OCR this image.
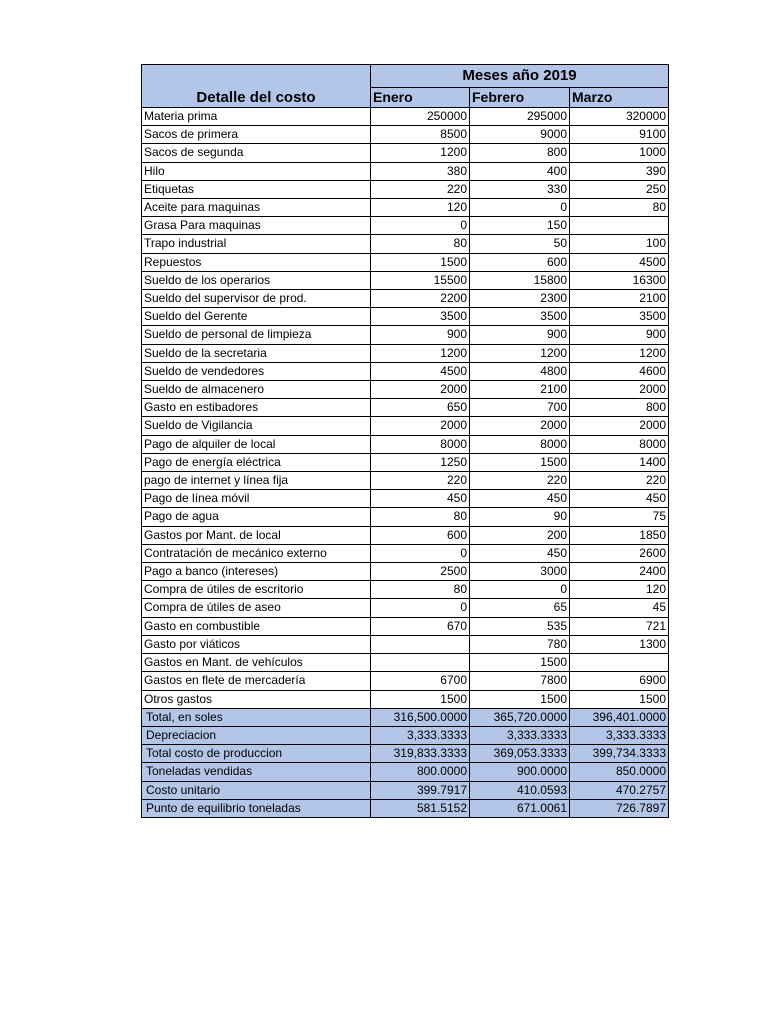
Detalle del costo	Meses año 2019		
	Enero	Febrero	Marzo
Materia prima	250000	295000	320000
Sacos de primera	8500	9000	9100
Sacos de segunda	1200	800	1000
Hilo	380	400	390
Etiquetas	220	330	250
Aceite para maquinas	120	0	80
Grasa Para maquinas	0	150	
Trapo industrial	80	50	100
Repuestos	1500	600	4500
Sueldo de los operarios	15500	15800	16300
Sueldo del supervisor de prod.	2200	2300	2100
Sueldo del Gerente	3500	3500	3500
Sueldo de personal de limpieza	900	900	900
Sueldo de la secretaria	1200	1200	1200
Sueldo de vendedores	4500	4800	4600
Sueldo de almacenero	2000	2100	2000
Gasto en estibadores	650	700	800
Sueldo de Vigilancia	2000	2000	2000
Pago de alquiler de local	8000	8000	8000
Pago de energía eléctrica	1250	1500	1400
pago de internet y línea fija	220	220	220
Pago de línea móvil	450	450	450
Pago de agua	80	90	75
Gastos por Mant. de local	600	200	1850
Contratación de mecánico externo	0	450	2600
Pago a banco (intereses)	2500	3000	2400
Compra de útiles de escritorio	80	0	120
Compra de útiles de aseo	0	65	45
Gasto en combustible	670	535	721
Gasto por viáticos		780	1300
Gastos en Mant. de vehículos		1500	
Gastos en flete de mercadería	6700	7800	6900
Otros gastos	1500	1500	1500
Total, en soles	316,500.0000	365,720.0000	396,401.0000
Depreciacion	3,333.3333	3,333.3333	3,333.3333
Total costo de produccion	319,833.3333	369,053.3333	399,734.3333
Toneladas vendidas	800.0000	900.0000	850.0000
Costo unitario	399.7917	410.0593	470.2757
Punto de equilibrio toneladas	581.5152	671.0061	726.7897
